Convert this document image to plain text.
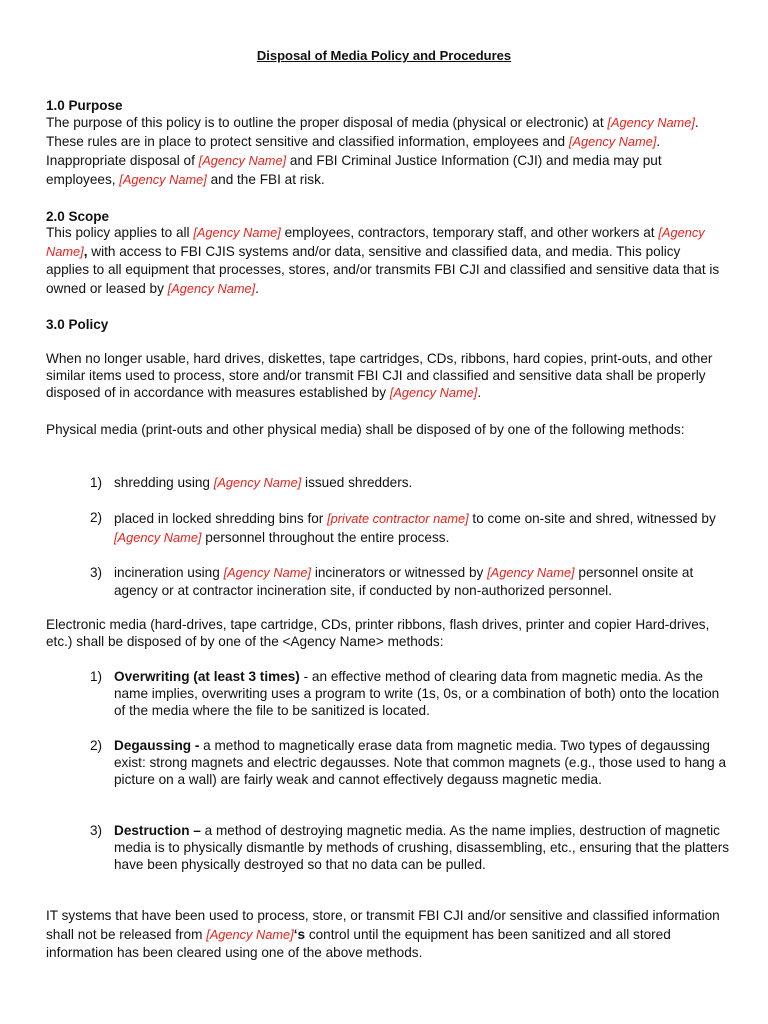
Disposal of Media Policy and Procedures
1.0 Purpose

The purpose of this policy is to outline the proper disposal of media (physical or electronic) at [Agency Name]. These rules are in place to protect sensitive and classified information, employees and [Agency Name]. Inappropriate disposal of [Agency Name] and FBI Criminal Justice Information (CJI) and media may put employees, [Agency Name] and the FBI at risk.

2.0 Scope

This policy applies to all [Agency Name] employees, contractors, temporary staff, and other workers at [Agency Name], with access to FBI CJIS systems and/or data, sensitive and classified data, and media. This policy applies to all equipment that processes, stores, and/or transmits FBI CJI and classified and sensitive data that is owned or leased by [Agency Name].

3.0 Policy

When no longer usable, hard drives, diskettes, tape cartridges, CDs, ribbons, hard copies, print-outs, and other similar items used to process, store and/or transmit FBI CJI and classified and sensitive data shall be properly disposed of in accordance with measures established by [Agency Name].

Physical media (print-outs and other physical media) shall be disposed of by one of the following methods:

1) shredding using [Agency Name] issued shredders.
2) placed in locked shredding bins for [private contractor name] to come on-site and shred, witnessed by [Agency Name] personnel throughout the entire process.
3) incineration using [Agency Name] incinerators or witnessed by [Agency Name] personnel onsite at agency or at contractor incineration site, if conducted by non-authorized personnel.

Electronic media (hard-drives, tape cartridge, CDs, printer ribbons, flash drives, printer and copier Hard-drives, etc.) shall be disposed of by one of the <Agency Name> methods:

1) Overwriting (at least 3 times) - an effective method of clearing data from magnetic media. As the name implies, overwriting uses a program to write (1s, 0s, or a combination of both) onto the location of the media where the file to be sanitized is located.
2) Degaussing - a method to magnetically erase data from magnetic media. Two types of degaussing exist: strong magnets and electric degausses. Note that common magnets (e.g., those used to hang a picture on a wall) are fairly weak and cannot effectively degauss magnetic media.
3) Destruction – a method of destroying magnetic media. As the name implies, destruction of magnetic media is to physically dismantle by methods of crushing, disassembling, etc., ensuring that the platters have been physically destroyed so that no data can be pulled.

IT systems that have been used to process, store, or transmit FBI CJI and/or sensitive and classified information shall not be released from [Agency Name]‘s control until the equipment has been sanitized and all stored information has been cleared using one of the above methods.
